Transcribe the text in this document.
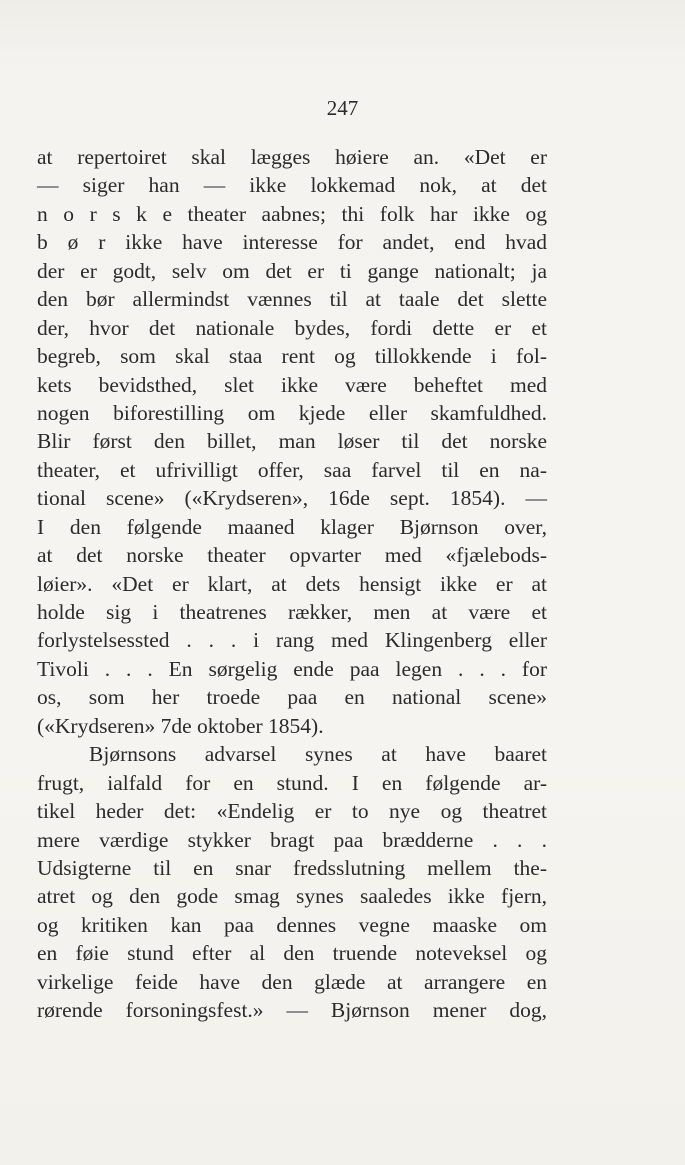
247

at repertoiret skal lægges høiere an. «Det er
— siger han — ikke lokkemad nok, at det
n o r s k e theater aabnes; thi folk har ikke og
b ø r ikke have interesse for andet, end hvad
der er godt, selv om det er ti gange nationalt; ja
den bør allermindst vænnes til at taale det slette
der, hvor det nationale bydes, fordi dette er et
begreb, som skal staa rent og tillokkende i fol-
kets bevidsthed, slet ikke være beheftet med
nogen biforestilling om kjede eller skamfuldhed.
Blir først den billet, man løser til det norske
theater, et ufrivilligt offer, saa farvel til en na-
tional scene» («Krydseren», 16de sept. 1854). —
I den følgende maaned klager Bjørnson over,
at det norske theater opvarter med «fjælebods-
løier». «Det er klart, at dets hensigt ikke er at
holde sig i theatrenes rækker, men at være et
forlystelsessted . . . i rang med Klingenberg eller
Tivoli . . . En sørgelig ende paa legen . . . for
os, som her troede paa en national scene»
(«Krydseren» 7de oktober 1854).
Bjørnsons advarsel synes at have baaret
frugt, ialfald for en stund. I en følgende ar-
tikel heder det: «Endelig er to nye og theatret
mere værdige stykker bragt paa brædderne . . .
Udsigterne til en snar fredsslutning mellem the-
atret og den gode smag synes saaledes ikke fjern,
og kritiken kan paa dennes vegne maaske om
en føie stund efter al den truende noteveksel og
virkelige feide have den glæde at arrangere en
rørende forsoningsfest.» — Bjørnson mener dog,
